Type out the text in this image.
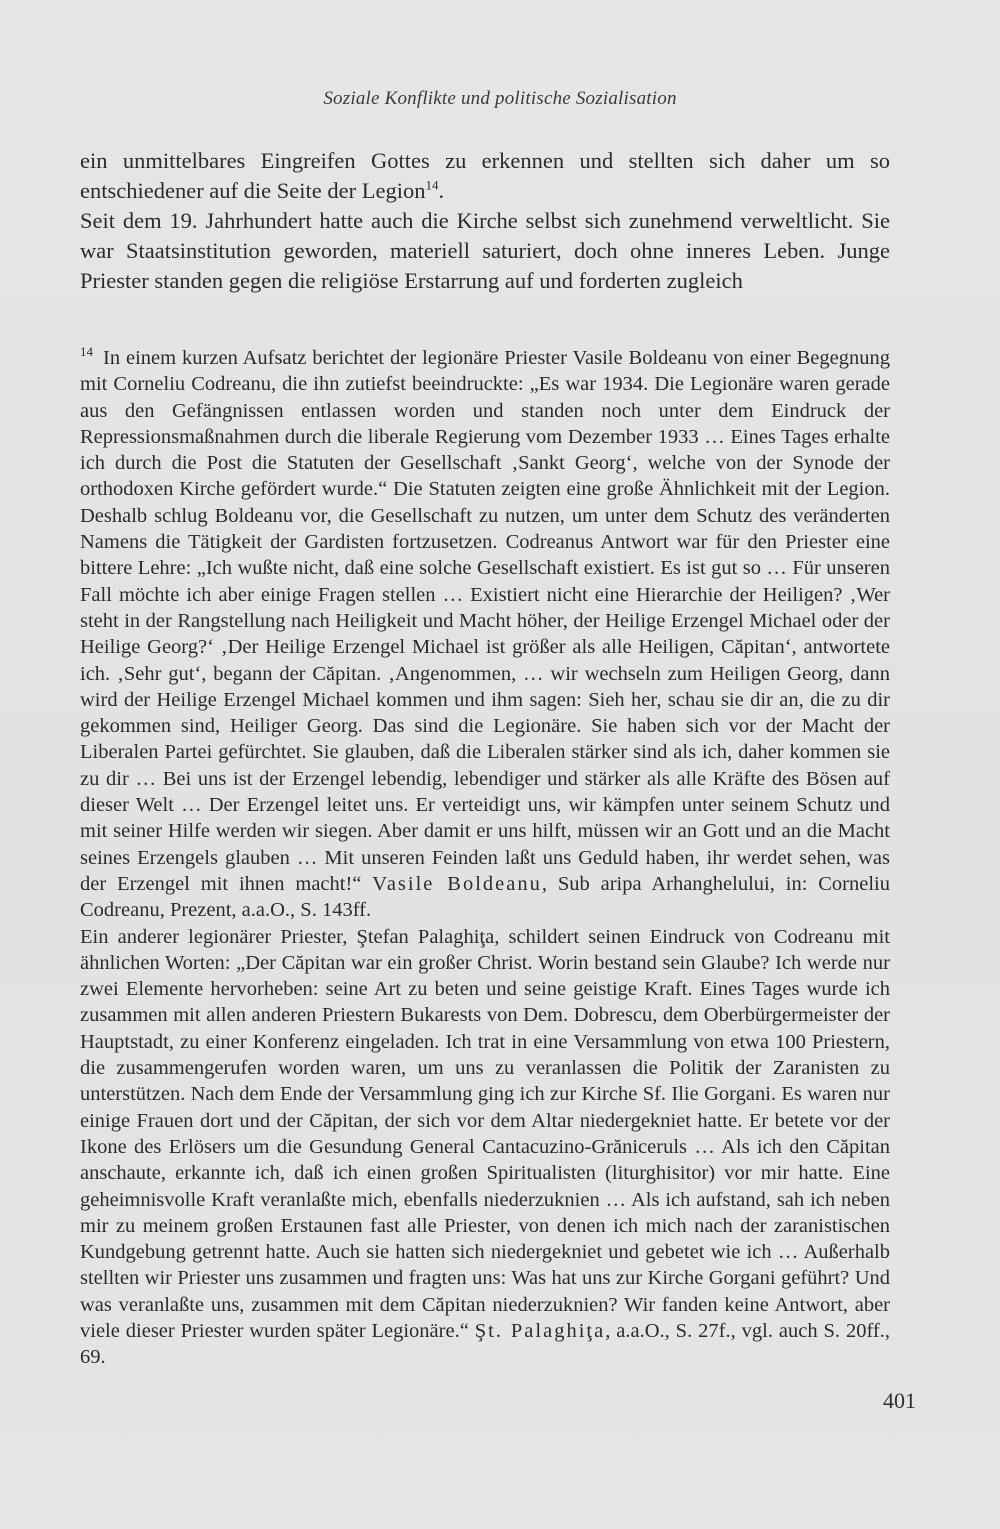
Soziale Konflikte und politische Sozialisation

ein unmittelbares Eingreifen Gottes zu erkennen und stellten sich daher um so entschiedener auf die Seite der Legion$^{14}$.

Seit dem 19. Jahrhundert hatte auch die Kirche selbst sich zunehmend verweltlicht. Sie war Staatsinstitution geworden, materiell saturiert, doch ohne inneres Leben. Junge Priester standen gegen die religiöse Erstarrung auf und forderten zugleich

$^{14}$ In einem kurzen Aufsatz berichtet der legionäre Priester Vasile Boldeanu von einer Begegnung mit Corneliu Codreanu, die ihn zutiefst beeindruckte: „Es war 1934. Die Legionäre waren gerade aus den Gefängnissen entlassen worden und standen noch unter dem Eindruck der Repressionsmaßnahmen durch die liberale Regierung vom Dezember 1933 … Eines Tages erhalte ich durch die Post die Statuten der Gesellschaft ‚Sankt Georg‘, welche von der Synode der orthodoxen Kirche gefördert wurde.“ Die Statuten zeigten eine große Ähnlichkeit mit der Legion. Deshalb schlug Boldeanu vor, die Gesellschaft zu nutzen, um unter dem Schutz des veränderten Namens die Tätigkeit der Gardisten fortzusetzen. Codreanus Antwort war für den Priester eine bittere Lehre: „Ich wußte nicht, daß eine solche Gesellschaft existiert. Es ist gut so … Für unseren Fall möchte ich aber einige Fragen stellen … Existiert nicht eine Hierarchie der Heiligen? ‚Wer steht in der Rangstellung nach Heiligkeit und Macht höher, der Heilige Erzengel Michael oder der Heilige Georg?‘ ‚Der Heilige Erzengel Michael ist größer als alle Heiligen, Căpitan‘, antwortete ich. ‚Sehr gut‘, begann der Căpitan. ‚Angenommen, … wir wechseln zum Heiligen Georg, dann wird der Heilige Erzengel Michael kommen und ihm sagen: Sieh her, schau sie dir an, die zu dir gekommen sind, Heiliger Georg. Das sind die Legionäre. Sie haben sich vor der Macht der Liberalen Partei gefürchtet. Sie glauben, daß die Liberalen stärker sind als ich, daher kommen sie zu dir … Bei uns ist der Erzengel lebendig, lebendiger und stärker als alle Kräfte des Bösen auf dieser Welt … Der Erzengel leitet uns. Er verteidigt uns, wir kämpfen unter seinem Schutz und mit seiner Hilfe werden wir siegen. Aber damit er uns hilft, müssen wir an Gott und an die Macht seines Erzengels glauben … Mit unseren Feinden laßt uns Geduld haben, ihr werdet sehen, was der Erzengel mit ihnen macht!“ Vasile Boldeanu, Sub aripa Arhanghelului, in: Corneliu Codreanu, Prezent, a.a.O., S. 143ff.

Ein anderer legionärer Priester, Ştefan Palaghiţa, schildert seinen Eindruck von Codreanu mit ähnlichen Worten: „Der Căpitan war ein großer Christ. Worin bestand sein Glaube? Ich werde nur zwei Elemente hervorheben: seine Art zu beten und seine geistige Kraft. Eines Tages wurde ich zusammen mit allen anderen Priestern Bukarests von Dem. Dobrescu, dem Oberbürgermeister der Hauptstadt, zu einer Konferenz eingeladen. Ich trat in eine Versammlung von etwa 100 Priestern, die zusammengerufen worden waren, um uns zu veranlassen die Politik der Zaranisten zu unterstützen. Nach dem Ende der Versammlung ging ich zur Kirche Sf. Ilie Gorgani. Es waren nur einige Frauen dort und der Căpitan, der sich vor dem Altar niedergekniet hatte. Er betete vor der Ikone des Erlösers um die Gesundung General Cantacuzino-Grăniceruls … Als ich den Căpitan anschaute, erkannte ich, daß ich einen großen Spiritualisten (liturghisitor) vor mir hatte. Eine geheimnisvolle Kraft veranlaßte mich, ebenfalls niederzuknien … Als ich aufstand, sah ich neben mir zu meinem großen Erstaunen fast alle Priester, von denen ich mich nach der zaranistischen Kundgebung getrennt hatte. Auch sie hatten sich niedergekniet und gebetet wie ich … Außerhalb stellten wir Priester uns zusammen und fragten uns: Was hat uns zur Kirche Gorgani geführt? Und was veranlaßte uns, zusammen mit dem Căpitan niederzuknien? Wir fanden keine Antwort, aber viele dieser Priester wurden später Legionäre.“ Şt. Palaghiţa, a.a.O., S. 27f., vgl. auch S. 20ff., 69.

401
